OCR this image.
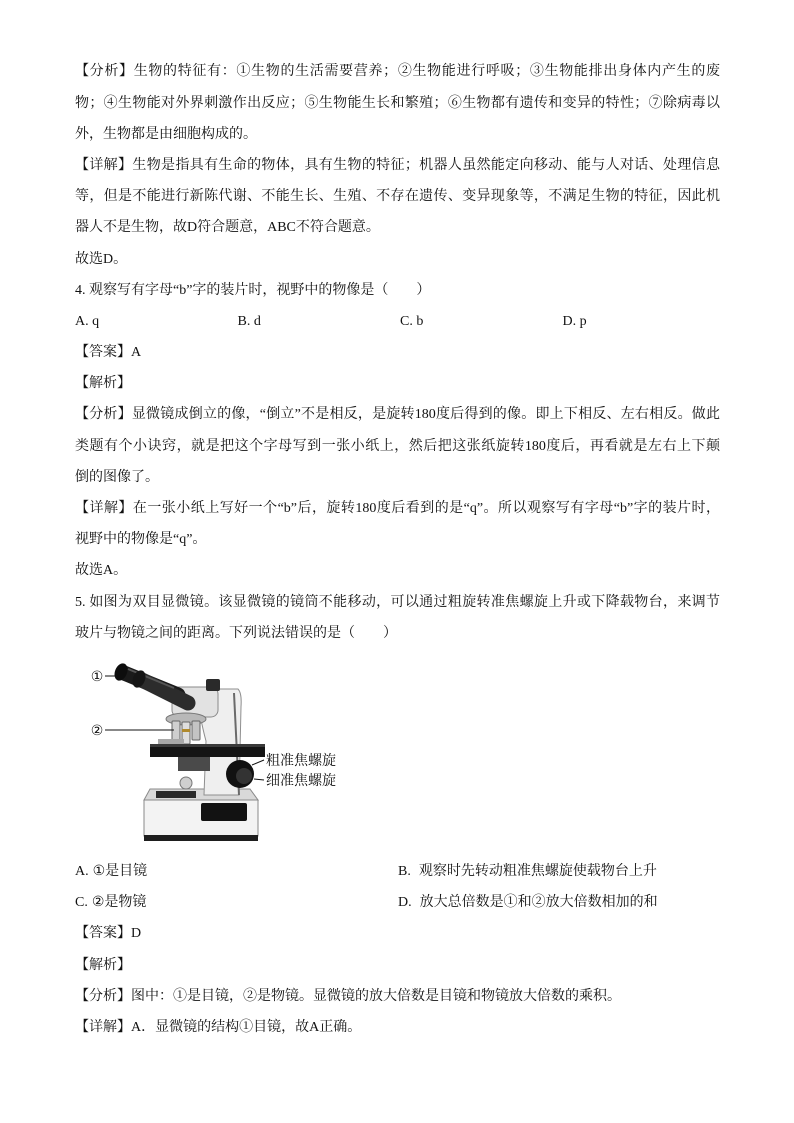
【分析】生物的特征有：①生物的生活需要营养；②生物能进行呼吸；③生物能排出身体内产生的废
物；④生物能对外界刺激作出反应；⑤生物能生长和繁殖；⑥生物都有遗传和变异的特性；⑦除病毒以
外，生物都是由细胞构成的。
【详解】生物是指具有生命的物体，具有生物的特征；机器人虽然能定向移动、能与人对话、处理信息
等，但是不能进行新陈代谢、不能生长、生殖、不存在遗传、变异现象等，不满足生物的特征，因此机
器人不是生物，故D符合题意，ABC不符合题意。
故选D。
4. 观察写有字母“b”字的装片时，视野中的物像是（　　）
A. q	B. d	C. b	D. p
【答案】A
【解析】
【分析】显微镜成倒立的像，“倒立”不是相反，是旋转180度后得到的像。即上下相反、左右相反。做此
类题有个小诀窍，就是把这个字母写到一张小纸上，然后把这张纸旋转180度后，再看就是左右上下颠
倒的图像了。
【详解】在一张小纸上写好一个“b”后，旋转180度后看到的是“q”。所以观察写有字母“b”字的装片时，
视野中的物像是“q”。
故选A。
5. 如图为双目显微镜。该显微镜的镜筒不能移动，可以通过粗旋转准焦螺旋上升或下降载物台，来调节
玻片与物镜之间的距离。下列说法错误的是（　　）
①
②
粗准焦螺旋
细准焦螺旋
A. ①是目镜	B. 观察时先转动粗准焦螺旋使载物台上升
C. ②是物镜	D. 放大总倍数是①和②放大倍数相加的和
【答案】D
【解析】
【分析】图中：①是目镜，②是物镜。显微镜的放大倍数是目镜和物镜放大倍数的乘积。
【详解】A．显微镜的结构①目镜，故A正确。
